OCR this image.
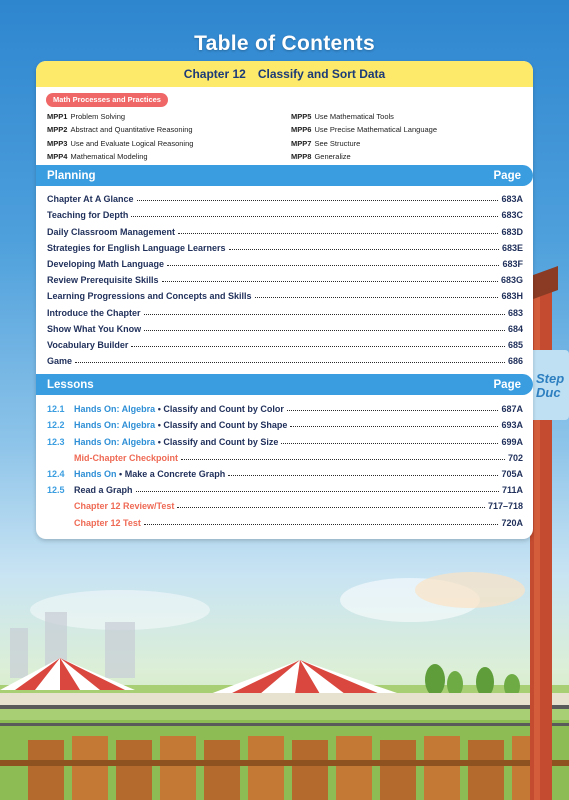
Step Duc
Table of Contents
Chapter 12 Classify and Sort Data
Math Processes and Practices
MPP1 Problem Solving
MPP2 Abstract and Quantitative Reasoning
MPP3 Use and Evaluate Logical Reasoning
MPP4 Mathematical Modeling
MPP5 Use Mathematical Tools
MPP6 Use Precise Mathematical Language
MPP7 See Structure
MPP8 Generalize
Planning	Page
Chapter At A Glance	683A
Teaching for Depth	683C
Daily Classroom Management	683D
Strategies for English Language Learners	683E
Developing Math Language	683F
Review Prerequisite Skills	683G
Learning Progressions and Concepts and Skills	683H
Introduce the Chapter	683
Show What You Know	684
Vocabulary Builder	685
Game	686
Lessons	Page
12.1	Hands On: Algebra • Classify and Count by Color	687A
12.2	Hands On: Algebra • Classify and Count by Shape	693A
12.3	Hands On: Algebra • Classify and Count by Size	699A
Mid-Chapter Checkpoint	702
12.4	Hands On • Make a Concrete Graph	705A
12.5	Read a Graph	711A
Chapter 12 Review/Test	717–718
Chapter 12 Test	720A
